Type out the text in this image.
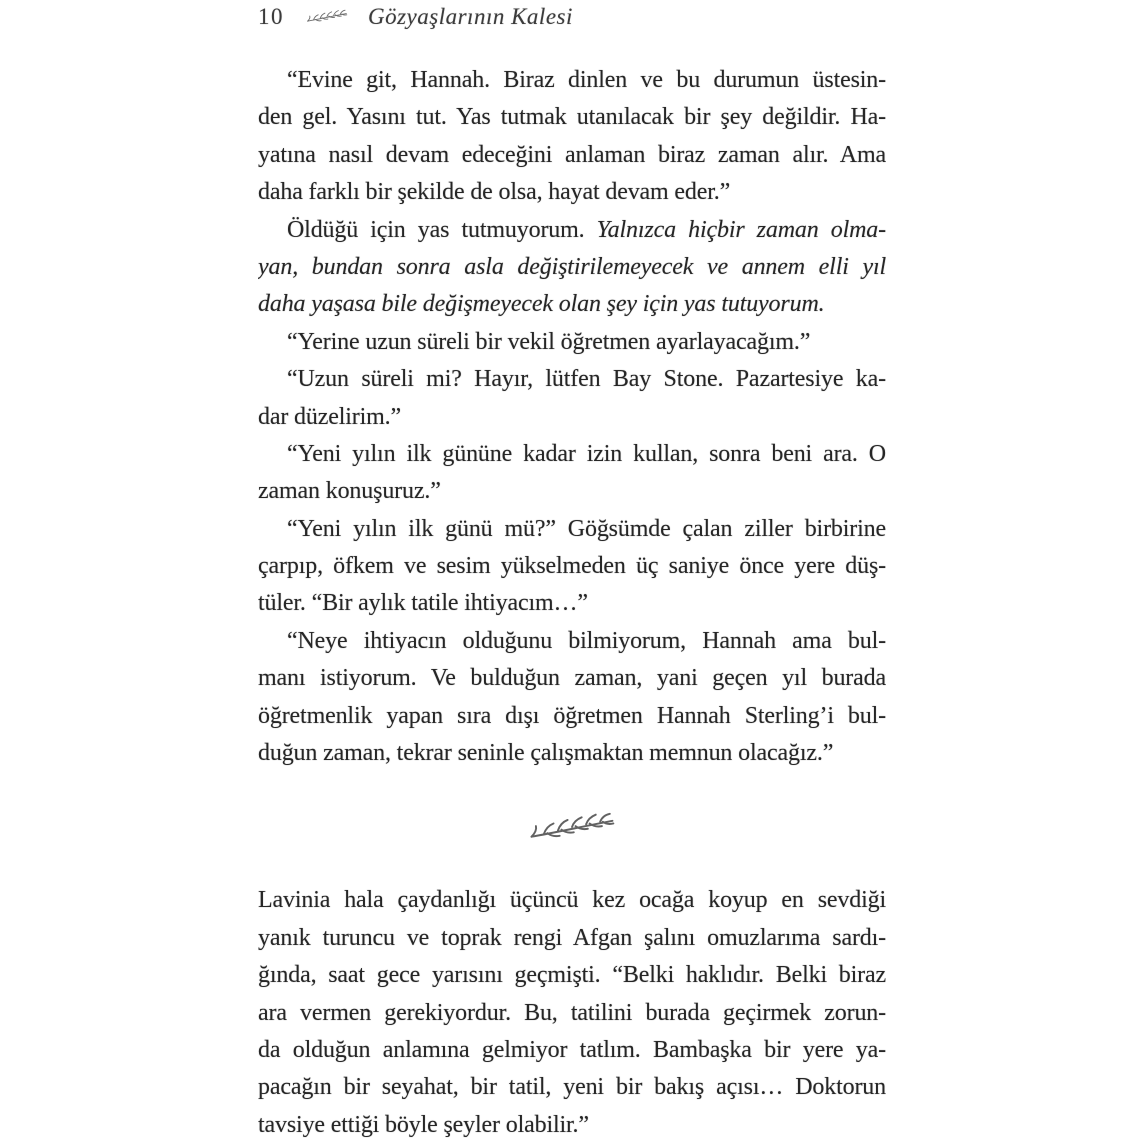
10	Gözyaşlarının Kalesi
“Evine git, Hannah. Biraz dinlen ve bu durumun üstesin-
den gel. Yasını tut. Yas tutmak utanılacak bir şey değildir. Ha-
yatına nasıl devam edeceğini anlaman biraz zaman alır. Ama
daha farklı bir şekilde de olsa, hayat devam eder.”
Öldüğü için yas tutmuyorum. Yalnızca hiçbir zaman olma-
yan, bundan sonra asla değiştirilemeyecek ve annem elli yıl
daha yaşasa bile değişmeyecek olan şey için yas tutuyorum.
“Yerine uzun süreli bir vekil öğretmen ayarlayacağım.”
“Uzun süreli mi? Hayır, lütfen Bay Stone. Pazartesiye ka-
dar düzelirim.”
“Yeni yılın ilk gününe kadar izin kullan, sonra beni ara. O
zaman konuşuruz.”
“Yeni yılın ilk günü mü?” Göğsümde çalan ziller birbirine
çarpıp, öfkem ve sesim yükselmeden üç saniye önce yere düş-
tüler. “Bir aylık tatile ihtiyacım…”
“Neye ihtiyacın olduğunu bilmiyorum, Hannah ama bul-
manı istiyorum. Ve bulduğun zaman, yani geçen yıl burada
öğretmenlik yapan sıra dışı öğretmen Hannah Sterling’i bul-
duğun zaman, tekrar seninle çalışmaktan memnun olacağız.”
Lavinia hala çaydanlığı üçüncü kez ocağa koyup en sevdiği
yanık turuncu ve toprak rengi Afgan şalını omuzlarıma sardı-
ğında, saat gece yarısını geçmişti. “Belki haklıdır. Belki biraz
ara vermen gerekiyordur. Bu, tatilini burada geçirmek zorun-
da olduğun anlamına gelmiyor tatlım. Bambaşka bir yere ya-
pacağın bir seyahat, bir tatil, yeni bir bakış açısı… Doktorun
tavsiye ettiği böyle şeyler olabilir.”
